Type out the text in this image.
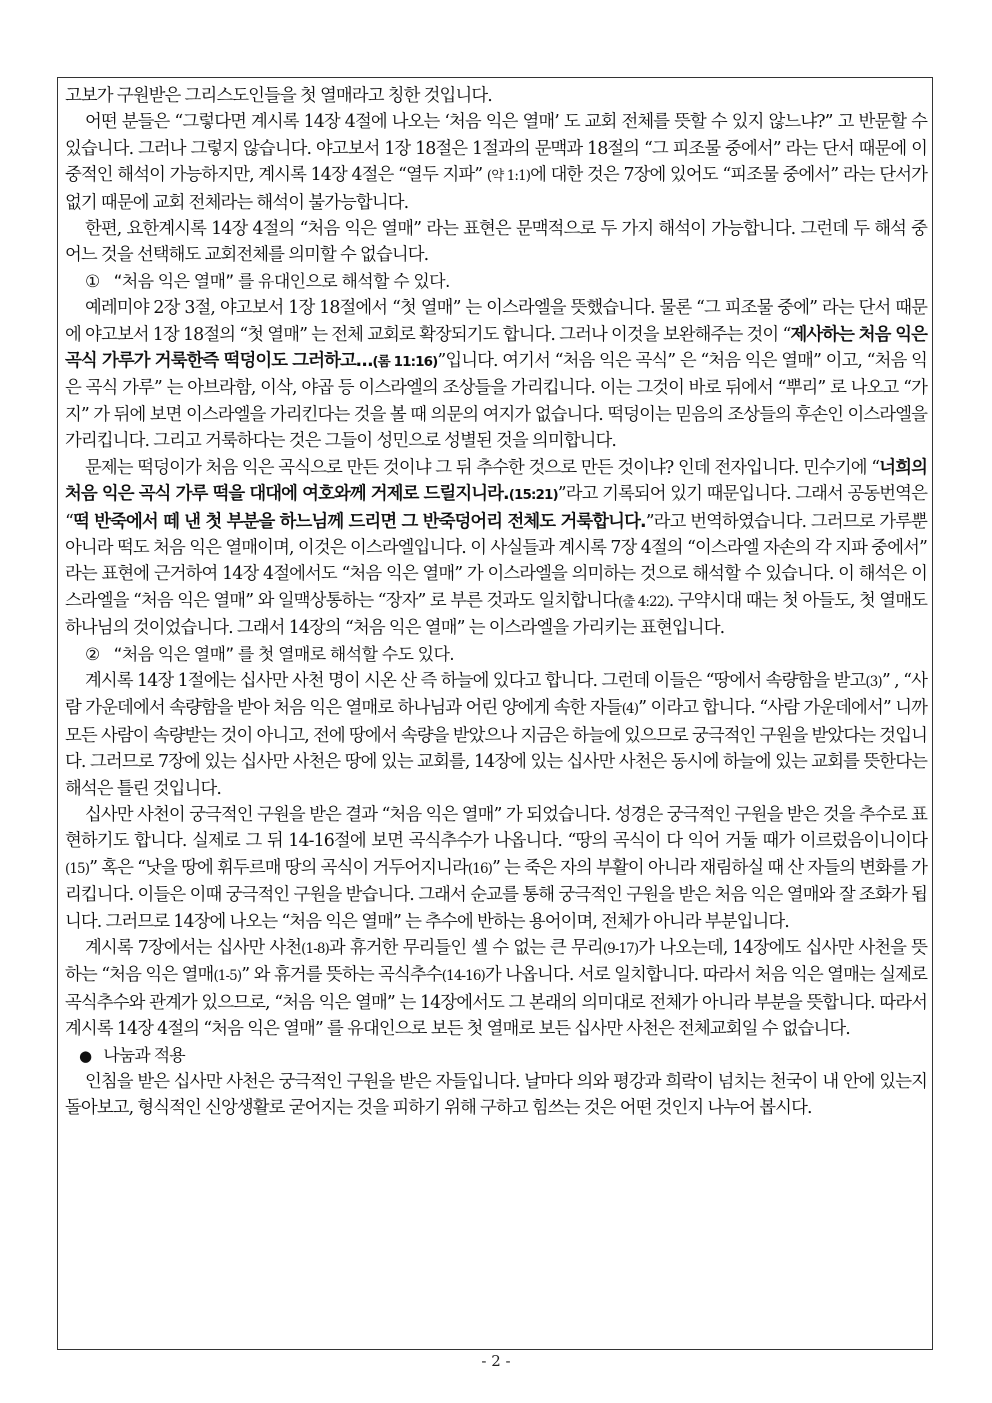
고보가 구원받은 그리스도인들을 첫 열매라고 칭한 것입니다.

어떤 분들은 “그렇다면 계시록 14장 4절에 나오는 ‘처음 익은 열매’ 도 교회 전체를 뜻할 수 있지 않느냐?” 고 반문할 수 있습니다. 그러나 그렇지 않습니다. 야고보서 1장 18절은 1절과의 문맥과 18절의 “그 피조물 중에서” 라는 단서 때문에 이중적인 해석이 가능하지만, 계시록 14장 4절은 “열두 지파” (약 1:1)에 대한 것은 7장에 있어도 “피조물 중에서” 라는 단서가 없기 때문에 교회 전체라는 해석이 불가능합니다.

한편, 요한계시록 14장 4절의 “처음 익은 열매” 라는 표현은 문맥적으로 두 가지 해석이 가능합니다. 그런데 두 해석 중 어느 것을 선택해도 교회전체를 의미할 수 없습니다.

① “처음 익은 열매” 를 유대인으로 해석할 수 있다.

예레미야 2장 3절, 야고보서 1장 18절에서 “첫 열매” 는 이스라엘을 뜻했습니다. 물론 “그 피조물 중에” 라는 단서 때문에 야고보서 1장 18절의 “첫 열매” 는 전체 교회로 확장되기도 합니다. 그러나 이것을 보완해주는 것이 “제사하는 처음 익은 곡식 가루가 거룩한즉 떡덩이도 그러하고…(롬 11:16)”입니다. 여기서 “처음 익은 곡식” 은 “처음 익은 열매” 이고, “처음 익은 곡식 가루” 는 아브라함, 이삭, 야곱 등 이스라엘의 조상들을 가리킵니다. 이는 그것이 바로 뒤에서 “뿌리” 로 나오고 “가지” 가 뒤에 보면 이스라엘을 가리킨다는 것을 볼 때 의문의 여지가 없습니다. 떡덩이는 믿음의 조상들의 후손인 이스라엘을 가리킵니다. 그리고 거룩하다는 것은 그들이 성민으로 성별된 것을 의미합니다.

문제는 떡덩이가 처음 익은 곡식으로 만든 것이냐 그 뒤 추수한 것으로 만든 것이냐? 인데 전자입니다. 민수기에 “너희의 처음 익은 곡식 가루 떡을 대대에 여호와께 거제로 드릴지니라.(15:21)”라고 기록되어 있기 때문입니다. 그래서 공동번역은 “떡 반죽에서 떼 낸 첫 부분을 하느님께 드리면 그 반죽덩어리 전체도 거룩합니다.”라고 번역하였습니다. 그러므로 가루뿐 아니라 떡도 처음 익은 열매이며, 이것은 이스라엘입니다. 이 사실들과 계시록 7장 4절의 “이스라엘 자손의 각 지파 중에서” 라는 표현에 근거하여 14장 4절에서도 “처음 익은 열매” 가 이스라엘을 의미하는 것으로 해석할 수 있습니다. 이 해석은 이스라엘을 “처음 익은 열매” 와 일맥상통하는 “장자” 로 부른 것과도 일치합니다(출 4:22). 구약시대 때는 첫 아들도, 첫 열매도 하나님의 것이었습니다. 그래서 14장의 “처음 익은 열매” 는 이스라엘을 가리키는 표현입니다.

② “처음 익은 열매” 를 첫 열매로 해석할 수도 있다.

계시록 14장 1절에는 십사만 사천 명이 시온 산 즉 하늘에 있다고 합니다. 그런데 이들은 “땅에서 속량함을 받고(3)” , “사람 가운데에서 속량함을 받아 처음 익은 열매로 하나님과 어린 양에게 속한 자들(4)” 이라고 합니다. “사람 가운데에서” 니까 모든 사람이 속량받는 것이 아니고, 전에 땅에서 속량을 받았으나 지금은 하늘에 있으므로 궁극적인 구원을 받았다는 것입니다. 그러므로 7장에 있는 십사만 사천은 땅에 있는 교회를, 14장에 있는 십사만 사천은 동시에 하늘에 있는 교회를 뜻한다는 해석은 틀린 것입니다.

십사만 사천이 궁극적인 구원을 받은 결과 “처음 익은 열매” 가 되었습니다. 성경은 궁극적인 구원을 받은 것을 추수로 표현하기도 합니다. 실제로 그 뒤 14-16절에 보면 곡식추수가 나옵니다. “땅의 곡식이 다 익어 거둘 때가 이르렀음이니이다(15)” 혹은 “낫을 땅에 휘두르매 땅의 곡식이 거두어지니라(16)” 는 죽은 자의 부활이 아니라 재림하실 때 산 자들의 변화를 가리킵니다. 이들은 이때 궁극적인 구원을 받습니다. 그래서 순교를 통해 궁극적인 구원을 받은 처음 익은 열매와 잘 조화가 됩니다. 그러므로 14장에 나오는 “처음 익은 열매” 는 추수에 반하는 용어이며, 전체가 아니라 부분입니다.

계시록 7장에서는 십사만 사천(1-8)과 휴거한 무리들인 셀 수 없는 큰 무리(9-17)가 나오는데, 14장에도 십사만 사천을 뜻하는 “처음 익은 열매(1-5)” 와 휴거를 뜻하는 곡식추수(14-16)가 나옵니다. 서로 일치합니다. 따라서 처음 익은 열매는 실제로 곡식추수와 관계가 있으므로, “처음 익은 열매” 는 14장에서도 그 본래의 의미대로 전체가 아니라 부분을 뜻합니다. 따라서 계시록 14장 4절의 “처음 익은 열매” 를 유대인으로 보든 첫 열매로 보든 십사만 사천은 전체교회일 수 없습니다.

● 나눔과 적용

인침을 받은 십사만 사천은 궁극적인 구원을 받은 자들입니다. 날마다 의와 평강과 희락이 넘치는 천국이 내 안에 있는지 돌아보고, 형식적인 신앙생활로 굳어지는 것을 피하기 위해 구하고 힘쓰는 것은 어떤 것인지 나누어 봅시다.

- 2 -
